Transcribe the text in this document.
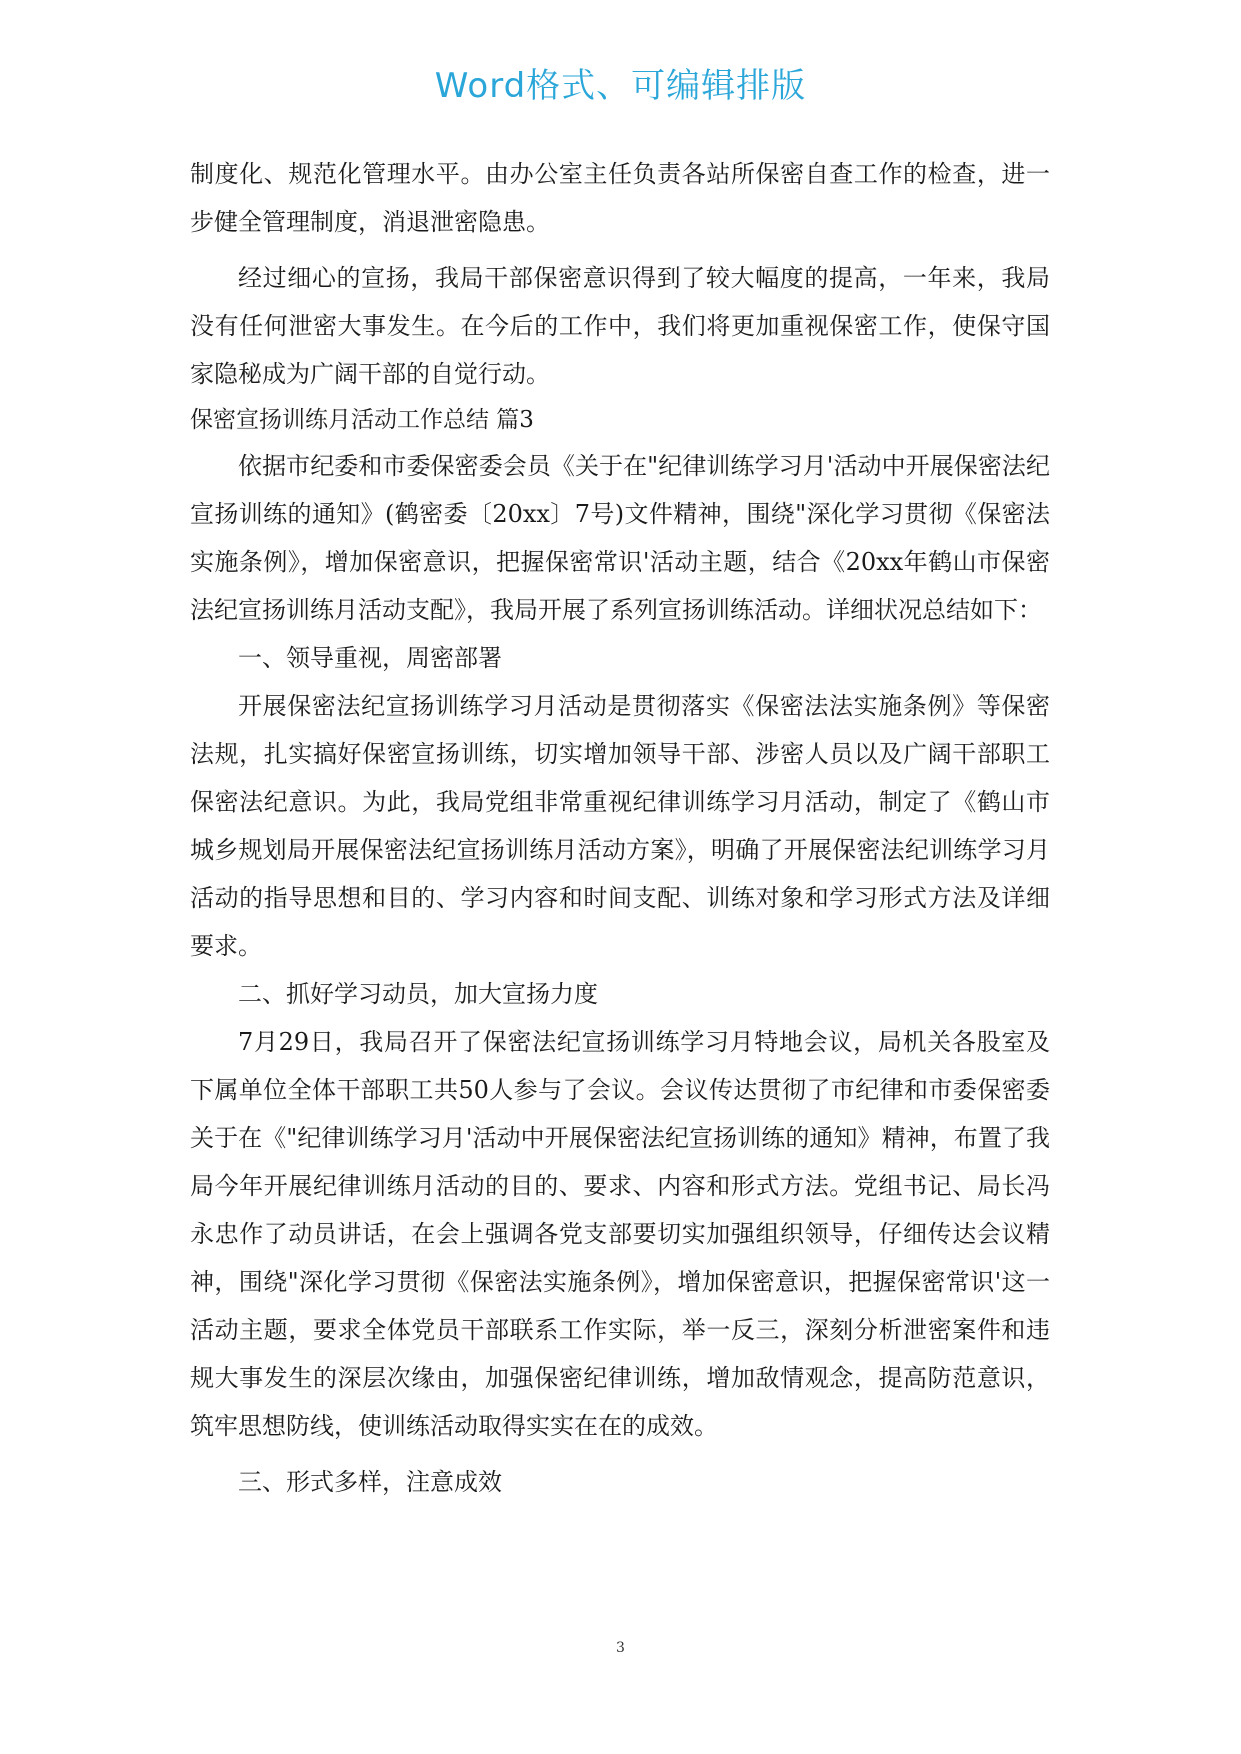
Word格式、可编辑排版

制度化、规范化管理水平。由办公室主任负责各站所保密自查工作的检查，进一步健全管理制度，消退泄密隐患。

经过细心的宣扬，我局干部保密意识得到了较大幅度的提高，一年来，我局没有任何泄密大事发生。在今后的工作中，我们将更加重视保密工作，使保守国家隐秘成为广阔干部的自觉行动。

保密宣扬训练月活动工作总结 篇3

依据市纪委和市委保密委会员《关于在"纪律训练学习月'活动中开展保密法纪宣扬训练的通知》(鹤密委〔20xx〕7号)文件精神，围绕"深化学习贯彻《保密法实施条例》，增加保密意识，把握保密常识'活动主题，结合《20xx年鹤山市保密法纪宣扬训练月活动支配》，我局开展了系列宣扬训练活动。详细状况总结如下：

一、领导重视，周密部署

开展保密法纪宣扬训练学习月活动是贯彻落实《保密法法实施条例》等保密法规，扎实搞好保密宣扬训练，切实增加领导干部、涉密人员以及广阔干部职工保密法纪意识。为此，我局党组非常重视纪律训练学习月活动，制定了《鹤山市城乡规划局开展保密法纪宣扬训练月活动方案》，明确了开展保密法纪训练学习月活动的指导思想和目的、学习内容和时间支配、训练对象和学习形式方法及详细要求。

二、抓好学习动员，加大宣扬力度

7月29日，我局召开了保密法纪宣扬训练学习月特地会议，局机关各股室及下属单位全体干部职工共50人参与了会议。会议传达贯彻了市纪律和市委保密委关于在《"纪律训练学习月'活动中开展保密法纪宣扬训练的通知》精神，布置了我局今年开展纪律训练月活动的目的、要求、内容和形式方法。党组书记、局长冯永忠作了动员讲话，在会上强调各党支部要切实加强组织领导，仔细传达会议精神，围绕"深化学习贯彻《保密法实施条例》，增加保密意识，把握保密常识'这一活动主题，要求全体党员干部联系工作实际，举一反三，深刻分析泄密案件和违规大事发生的深层次缘由，加强保密纪律训练，增加敌情观念，提高防范意识，筑牢思想防线，使训练活动取得实实在在的成效。

三、形式多样，注意成效

3
